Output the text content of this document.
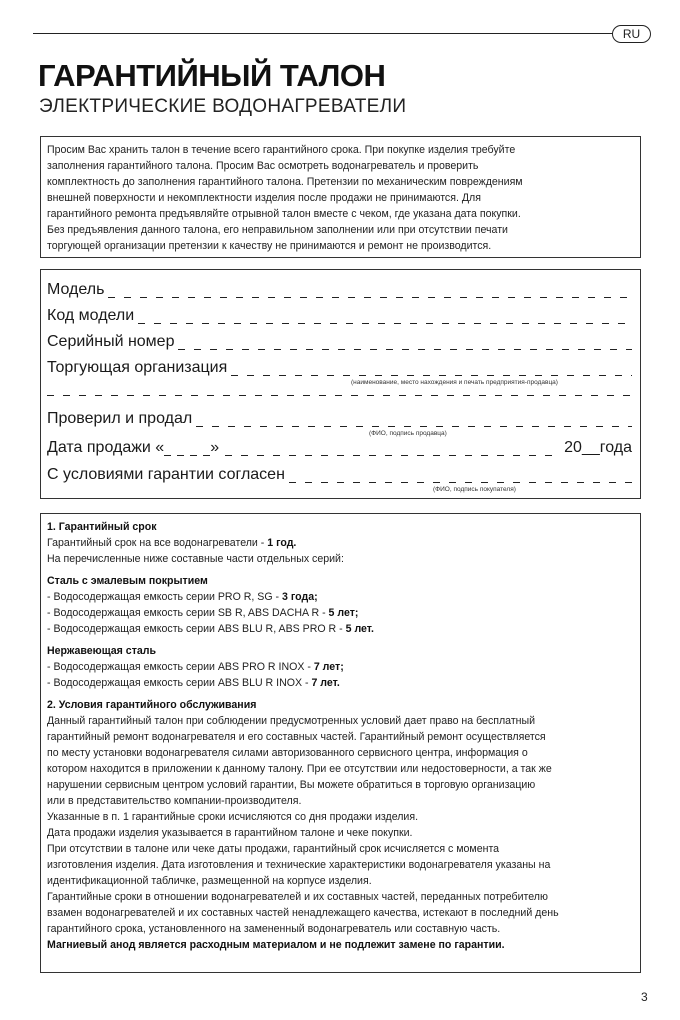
RU
ГАРАНТИЙНЫЙ ТАЛОН
ЭЛЕКТРИЧЕСКИЕ ВОДОНАГРЕВАТЕЛИ
Просим Вас хранить талон в течение всего гарантийного срока. При покупке изделия требуйте
заполнения гарантийного талона. Просим Вас осмотреть водонагреватель и проверить
комплектность до заполнения гарантийного талона. Претензии по механическим повреждениям
внешней поверхности и некомплектности изделия после продажи не принимаются. Для
гарантийного ремонта предъявляйте отрывной талон вместе с чеком, где указана дата покупки.
Без предъявления данного талона, его неправильном заполнении или при отсутствии печати
торгующей организации претензии к качеству не принимаются и ремонт не производится.
Модель
Код модели
Серийный номер
Торгующая организация
(наименование, место нахождения и печать предприятия-продавца)
Проверил и продал
(ФИО, подпись продавца)
Дата продажи «	»	20__года
С условиями гарантии согласен
(ФИО, подпись покупателя)
1. Гарантийный срок
Гарантийный срок на все водонагреватели - 1 год.
На перечисленные ниже составные части отдельных серий:
Сталь с эмалевым покрытием
- Водосодержащая емкость серии PRO R, SG - 3 года;
- Водосодержащая емкость серии SB R, ABS DACHA R - 5 лет;
- Водосодержащая емкость серии ABS BLU R, ABS PRO R - 5 лет.
Нержавеющая сталь
- Водосодержащая емкость серии ABS PRO R INOX - 7 лет;
- Водосодержащая емкость серии ABS BLU R INOX - 7 лет.
2. Условия гарантийного обслуживания
Данный гарантийный талон при соблюдении предусмотренных условий дает право на бесплатный
гарантийный ремонт водонагревателя и его составных частей. Гарантийный ремонт осуществляется
по месту установки водонагревателя силами авторизованного сервисного центра, информация о
котором находится в приложении к данному талону. При ее отсутствии или недостоверности, а так же
нарушении сервисным центром условий гарантии, Вы можете обратиться в торговую организацию
или в представительство компании-производителя.
Указанные в п. 1 гарантийные сроки исчисляются со дня продажи изделия.
Дата продажи изделия указывается в гарантийном талоне и чеке покупки.
При отсутствии в талоне или чеке даты продажи, гарантийный срок исчисляется с момента
изготовления изделия. Дата изготовления и технические характеристики водонагревателя указаны на
идентификационной табличке, размещенной на корпусе изделия.
Гарантийные сроки в отношении водонагревателей и их составных частей, переданных потребителю
взамен водонагревателей и их составных частей ненадлежащего качества, истекают в последний день
гарантийного срока, установленного на замененный водонагреватель или составную часть.
Магниевый анод является расходным материалом и не подлежит замене по гарантии.
3
